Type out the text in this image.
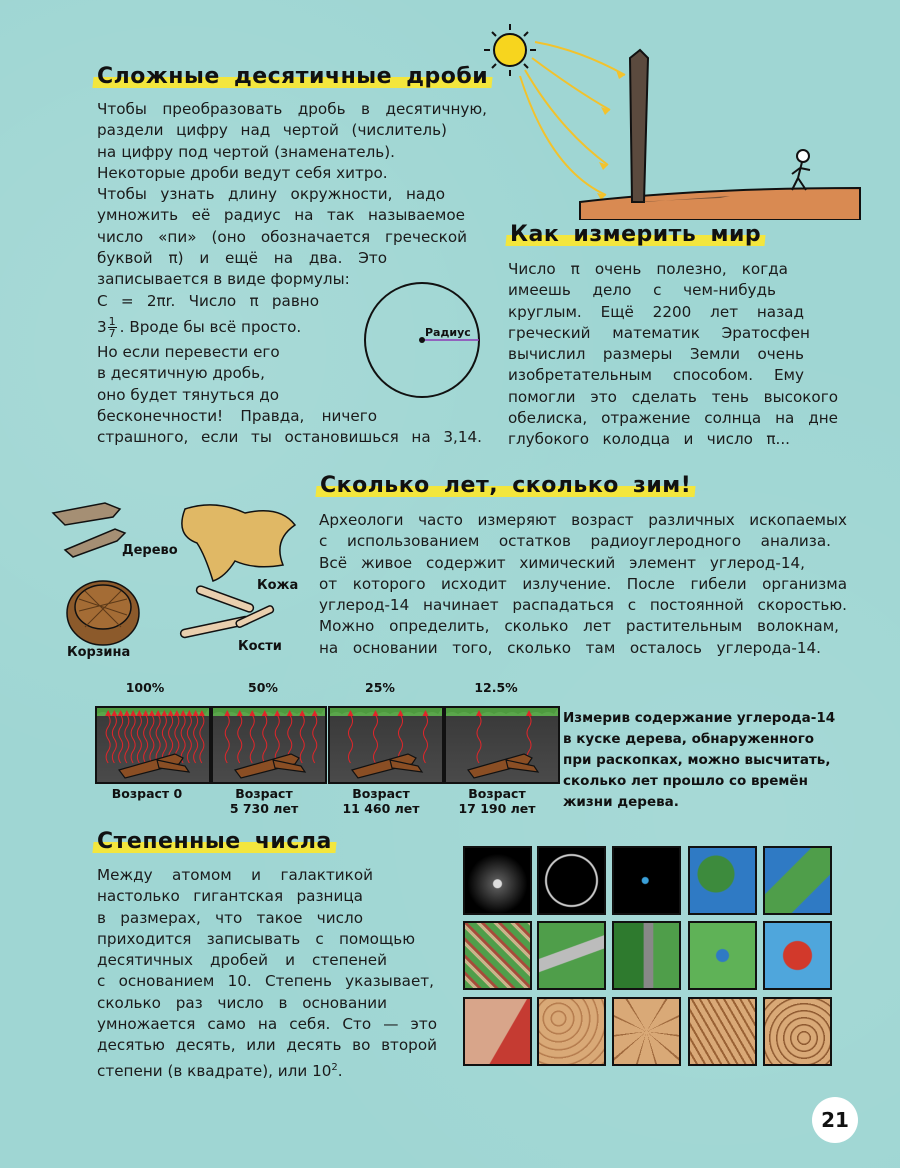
Сложные десятичные дроби
Чтобы преобразовать дробь в десятичную,
раздели цифру над чертой (числитель)
на цифру под чертой (знаменатель).
Некоторые дроби ведут себя хитро.
Чтобы узнать длину окружности, надо
умножить её радиус на так называемое
число «пи» (оно обозначается греческой
буквой π) и ещё на два. Это
записывается в виде формулы:
C = 2πr. Число π равно
$3 \frac{1}{7}$ . Вроде бы всё просто.
Но если перевести его
в десятичную дробь,
оно будет тянуться до
бесконечности! Правда, ничего
страшного, если ты остановишься на 3,14.
Радиус
Как измерить мир
Число π очень полезно, когда
имеешь дело с чем-нибудь
круглым. Ещё 2200 лет назад
греческий математик Эратосфен
вычислил размеры Земли очень
изобретательным способом. Ему
помогли это сделать тень высокого
обелиска, отражение солнца на дне
глубокого колодца и число π...
Сколько лет, сколько зим!
Археологи часто измеряют возраст различных ископаемых
с использованием остатков радиоуглеродного анализа.
Всё живое содержит химический элемент углерод-14,
от которого исходит излучение. После гибели организма
углерод-14 начинает распадаться с постоянной скоростью.
Можно определить, сколько лет растительным волокнам,
на основании того, сколько там осталось углерода-14.
Дерево
Кожа
Корзина	Кости
100%	50%	25%	12.5%
Возраст 0	Возраст
5 730 лет
Возраст
11 460 лет
Возраст
17 190 лет
Измерив содержание углерода-14
в куске дерева, обнаруженного
при раскопках, можно высчитать,
сколько лет прошло со времён
жизни дерева.
Степенные числа
Между атомом и галактикой
настолько гигантская разница
в размерах, что такое число
приходится записывать с помощью
десятичных дробей и степеней
с основанием 10. Степень указывает,
сколько раз число в основании
умножается само на себя. Сто — это
десятью десять, или десять во второй
степени (в квадрате), или $10^2$.
21
